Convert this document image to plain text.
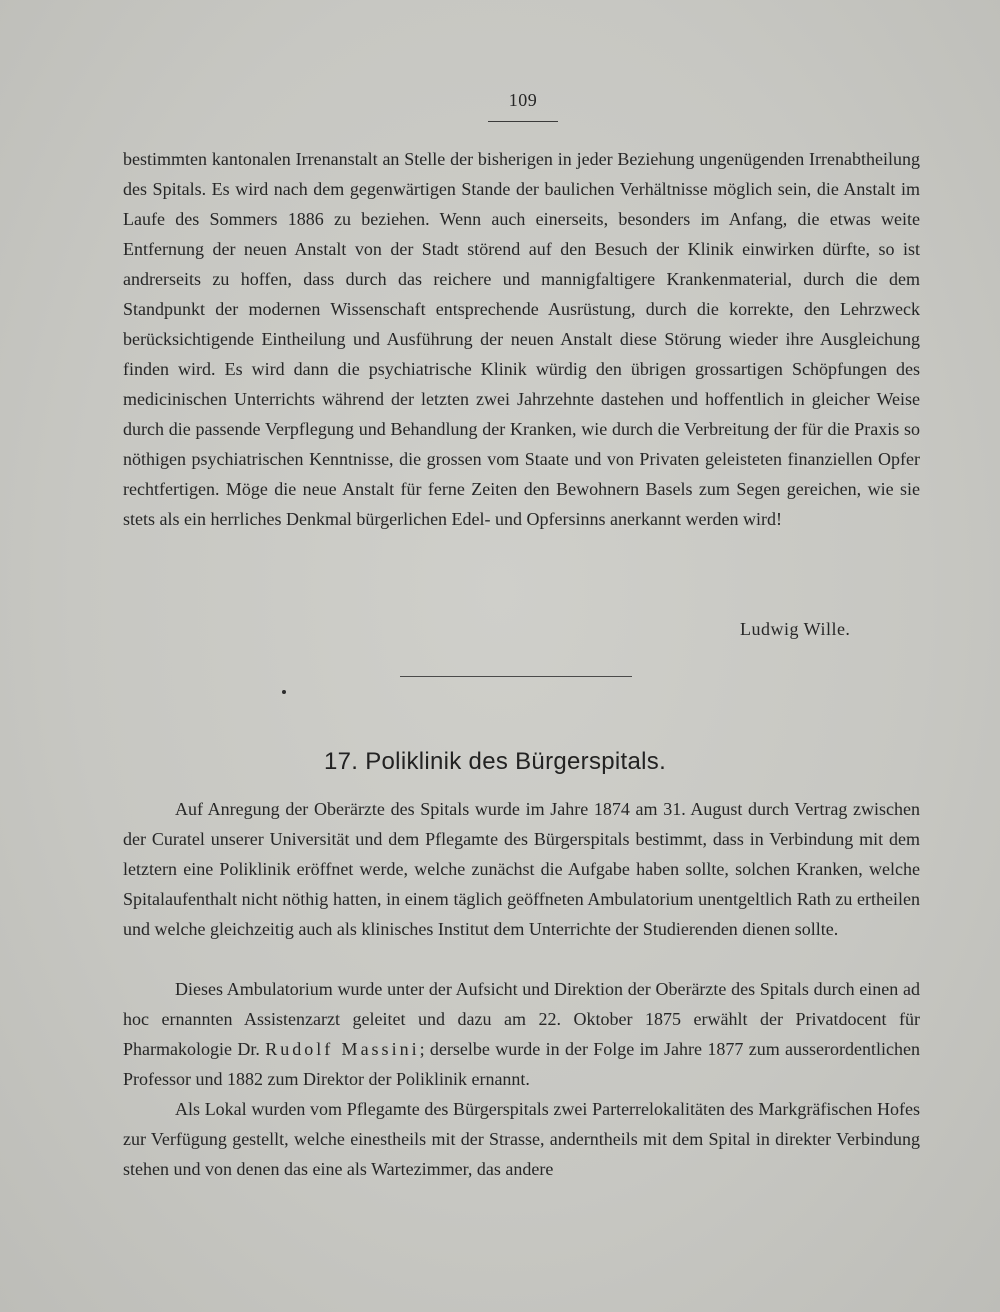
109

bestimmten kantonalen Irrenanstalt an Stelle der bisherigen in jeder Beziehung ungenügenden Irrenabtheilung des Spitals. Es wird nach dem gegenwärtigen Stande der baulichen Verhältnisse möglich sein, die Anstalt im Laufe des Sommers 1886 zu beziehen. Wenn auch einerseits, besonders im Anfang, die etwas weite Entfernung der neuen Anstalt von der Stadt störend auf den Besuch der Klinik einwirken dürfte, so ist andrerseits zu hoffen, dass durch das reichere und mannigfaltigere Krankenmaterial, durch die dem Standpunkt der modernen Wissenschaft entsprechende Ausrüstung, durch die korrekte, den Lehrzweck berücksichtigende Eintheilung und Ausführung der neuen Anstalt diese Störung wieder ihre Ausgleichung finden wird. Es wird dann die psychiatrische Klinik würdig den übrigen grossartigen Schöpfungen des medicinischen Unterrichts während der letzten zwei Jahrzehnte dastehen und hoffentlich in gleicher Weise durch die passende Verpflegung und Behandlung der Kranken, wie durch die Verbreitung der für die Praxis so nöthigen psychiatrischen Kenntnisse, die grossen vom Staate und von Privaten geleisteten finanziellen Opfer rechtfertigen. Möge die neue Anstalt für ferne Zeiten den Bewohnern Basels zum Segen gereichen, wie sie stets als ein herrliches Denkmal bürgerlichen Edel- und Opfersinns anerkannt werden wird!

Ludwig Wille.
17. Poliklinik des Bürgerspitals.

Auf Anregung der Oberärzte des Spitals wurde im Jahre 1874 am 31. August durch Vertrag zwischen der Curatel unserer Universität und dem Pflegamte des Bürgerspitals bestimmt, dass in Verbindung mit dem letztern eine Poliklinik eröffnet werde, welche zunächst die Aufgabe haben sollte, solchen Kranken, welche Spitalaufenthalt nicht nöthig hatten, in einem täglich geöffneten Ambulatorium unentgeltlich Rath zu ertheilen und welche gleichzeitig auch als klinisches Institut dem Unterrichte der Studierenden dienen sollte.

Dieses Ambulatorium wurde unter der Aufsicht und Direktion der Oberärzte des Spitals durch einen ad hoc ernannten Assistenzarzt geleitet und dazu am 22. Oktober 1875 erwählt der Privatdocent für Pharmakologie Dr. Rudolf Massini; derselbe wurde in der Folge im Jahre 1877 zum ausserordentlichen Professor und 1882 zum Direktor der Poliklinik ernannt.

Als Lokal wurden vom Pflegamte des Bürgerspitals zwei Parterrelokalitäten des Markgräfischen Hofes zur Verfügung gestellt, welche einestheils mit der Strasse, anderntheils mit dem Spital in direkter Verbindung stehen und von denen das eine als Wartezimmer, das andere
